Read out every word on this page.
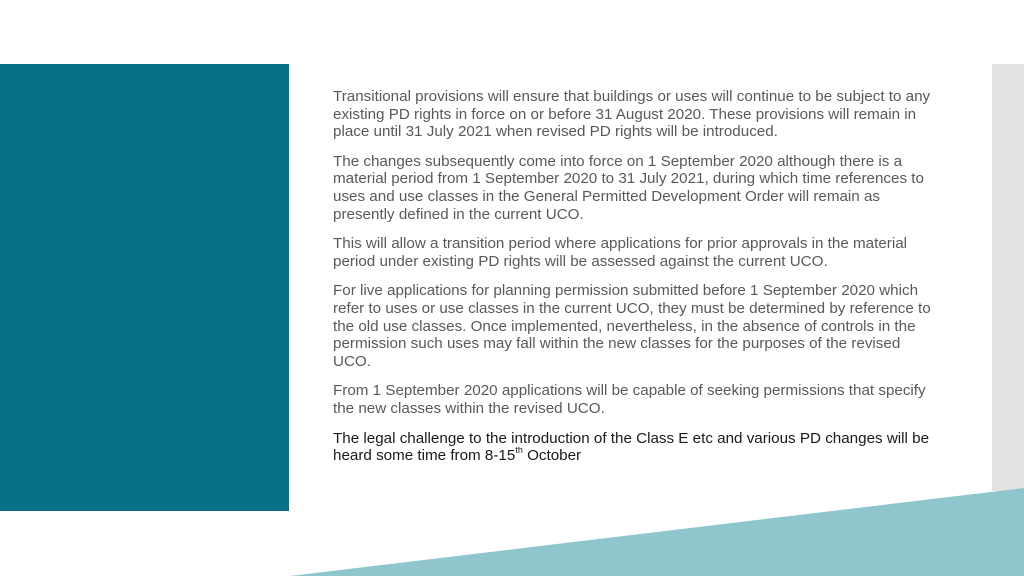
Transitional provisions will ensure that buildings or uses will continue to be subject to any existing PD rights in force on or before 31 August 2020. These provisions will remain in place until 31 July 2021 when revised PD rights will be introduced.

The changes subsequently come into force on 1 September 2020 although there is a material period from 1 September 2020 to 31 July 2021, during which time references to uses and use classes in the General Permitted Development Order will remain as presently defined in the current UCO.

This will allow a transition period where applications for prior approvals in the material period under existing PD rights will be assessed against the current UCO.

For live applications for planning permission submitted before 1 September 2020 which refer to uses or use classes in the current UCO, they must be determined by reference to the old use classes. Once implemented, nevertheless, in the absence of controls in the permission such uses may fall within the new classes for the purposes of the revised UCO.

From 1 September 2020 applications will be capable of seeking permissions that specify the new classes within the revised UCO.

The legal challenge to the introduction of the Class E etc and various PD changes will be heard some time from 8-15th October
